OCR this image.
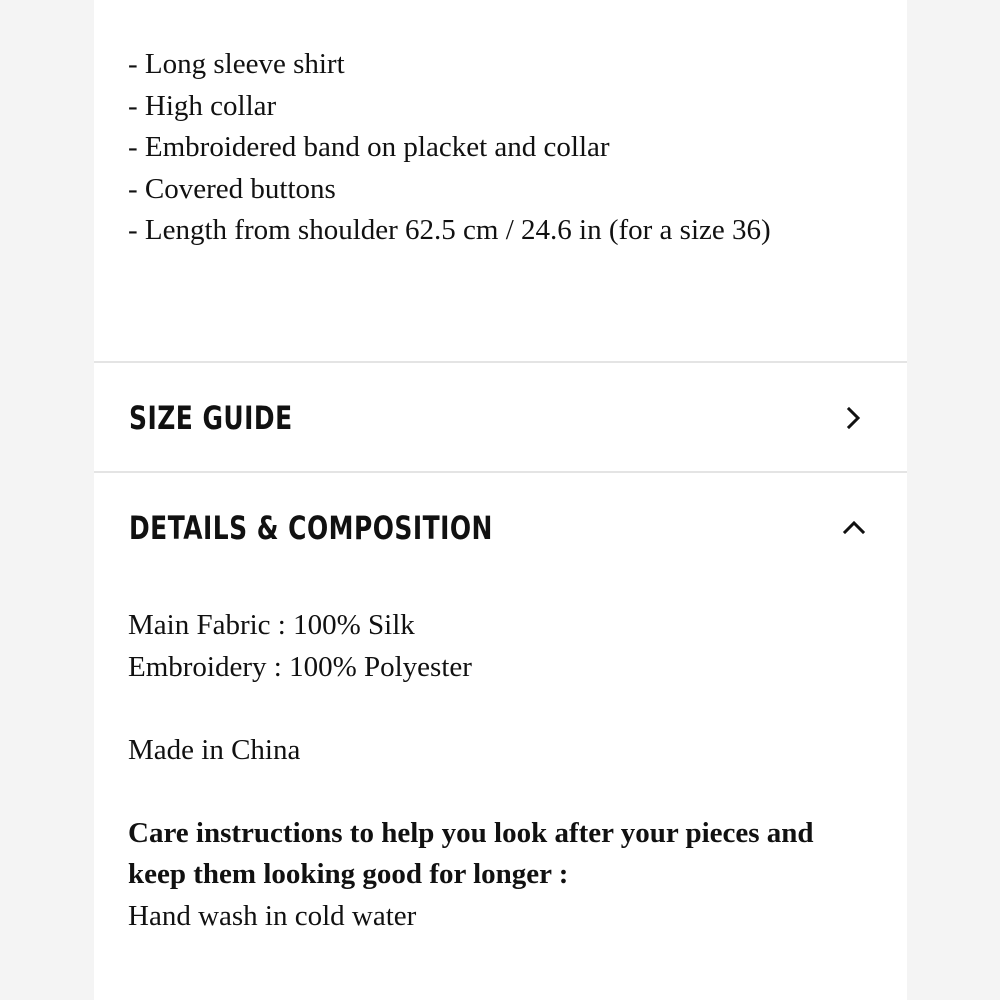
- Long sleeve shirt
- High collar
- Embroidered band on placket and collar
- Covered buttons
- Length from shoulder 62.5 cm / 24.6 in (for a size 36)
SIZE GUIDE
DETAILS & COMPOSITION

Main Fabric : 100% Silk

Embroidery : 100% Polyester

Made in China

Care instructions to help you look after your pieces and keep them looking good for longer :

Hand wash in cold water
